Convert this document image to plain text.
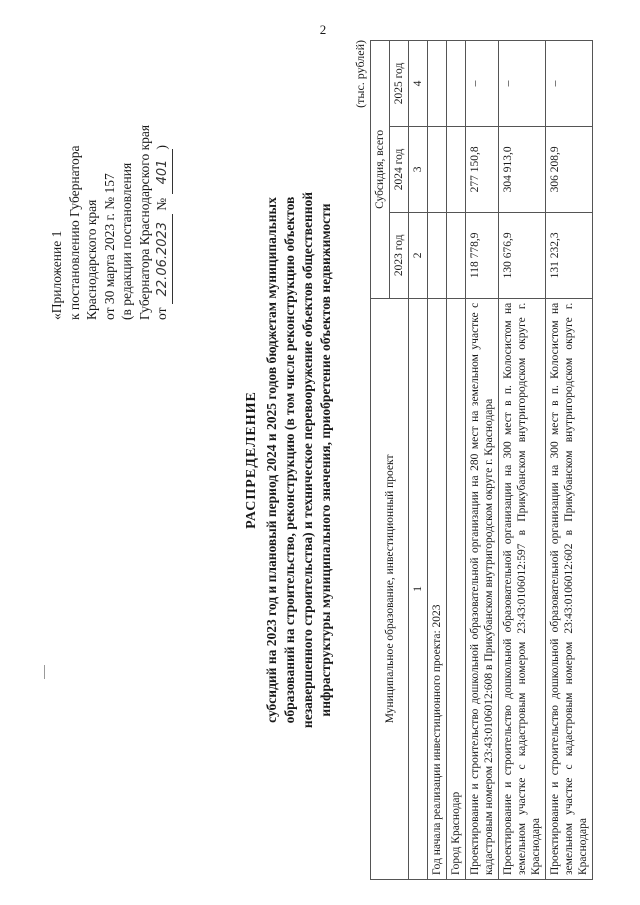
2
«Приложение 1 к постановлению Губернатора Краснодарского края от 30 марта 2023 г. № 157 (в редакции постановления Губернатора Краснодарского края от 22.06.2023 № 401)
РАСПРЕДЕЛЕНИЕ субсидий на 2023 год и плановый период 2024 и 2025 годов бюджетам муниципальных образований на строительство, реконструкцию (в том числе реконструкцию объектов незавершенного строительства) и техническое перевооружение объектов общественной инфраструктуры муниципального значения, приобретение объектов недвижимости
(тыс. рублей)
Муниципальное образование, инвестиционный проект	Субсидия, всего		
	2023 год	2024 год	2025 год
1	2	3	4
Год начала реализации инвестиционного проекта: 2023			
Город Краснодар			
Проектирование и строительство дошкольной образовательной организации на 280 мест на земельном участке с кадастровым номером 23:43:0106012:608 в Прикубанском внутригородском округе г. Краснодара	118 778,9	277 150,8	–
Проектирование и строительство дошкольной образовательной организации на 300 мест в п. Колосистом на земельном участке с кадастровым номером 23:43:0106012:597 в Прикубанском внутригородском округе г. Краснодара	130 676,9	304 913,0	–
Проектирование и строительство дошкольной образовательной организации на 300 мест в п. Колосистом на земельном участке с кадастровым номером 23:43:0106012:602 в Прикубанском внутригородском округе г. Краснодара	131 232,3	306 208,9	–
